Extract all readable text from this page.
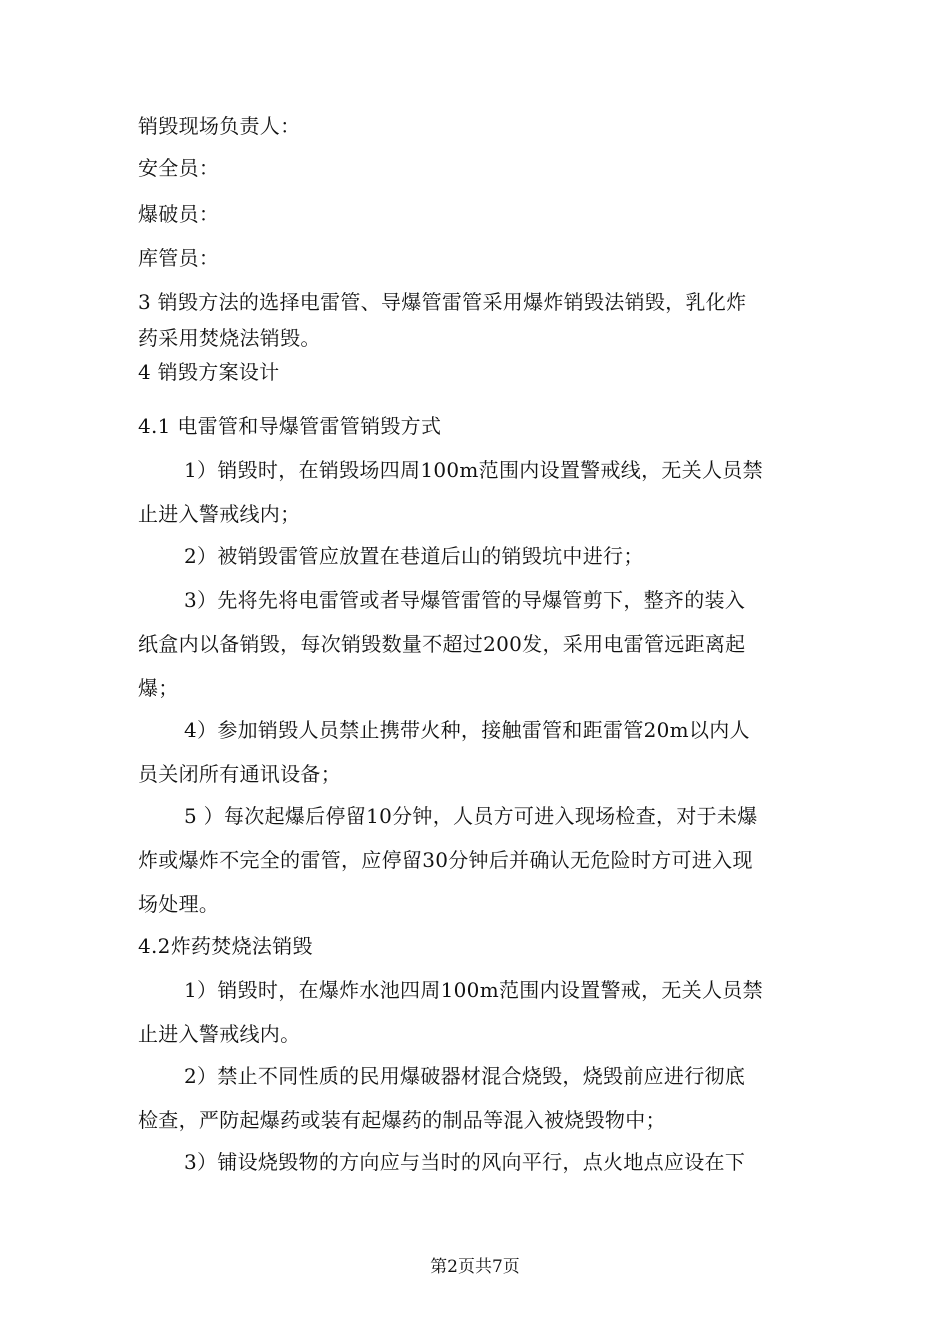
销毁现场负责人：
安全员：
爆破员：
库管员：
3 销毁方法的选择电雷管、导爆管雷管采用爆炸销毁法销毁，乳化炸
药采用焚烧法销毁。
4 销毁方案设计
4.1 电雷管和导爆管雷管销毁方式
1）销毁时，在销毁场四周100m范围内设置警戒线，无关人员禁
止进入警戒线内；
2）被销毁雷管应放置在巷道后山的销毁坑中进行；
3）先将先将电雷管或者导爆管雷管的导爆管剪下，整齐的装入
纸盒内以备销毁，每次销毁数量不超过200发，采用电雷管远距离起
爆；
4）参加销毁人员禁止携带火种，接触雷管和距雷管20m以内人
员关闭所有通讯设备；
5 ）每次起爆后停留10分钟，人员方可进入现场检查，对于未爆
炸或爆炸不完全的雷管，应停留30分钟后并确认无危险时方可进入现
场处理。
4.2炸药焚烧法销毁
1）销毁时，在爆炸水池四周100m范围内设置警戒，无关人员禁
止进入警戒线内。
2）禁止不同性质的民用爆破器材混合烧毁，烧毁前应进行彻底
检查，严防起爆药或装有起爆药的制品等混入被烧毁物中；
3）铺设烧毁物的方向应与当时的风向平行，点火地点应设在下
第2页共7页
